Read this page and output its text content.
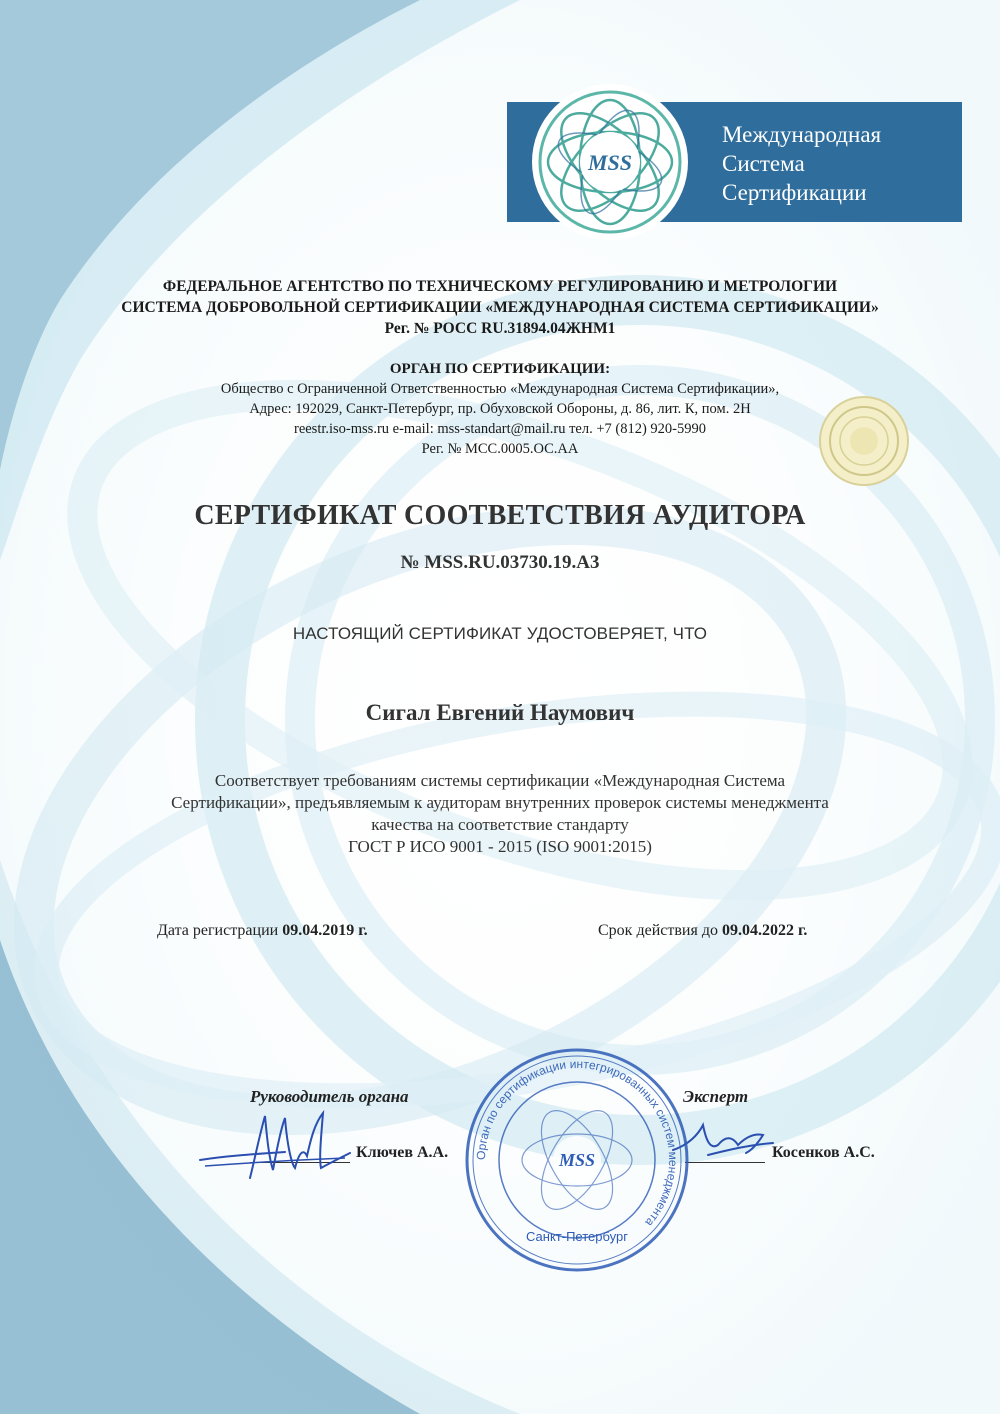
MSS
Международная
Система
Сертификации
ФЕДЕРАЛЬНОЕ АГЕНТСТВО ПО ТЕХНИЧЕСКОМУ РЕГУЛИРОВАНИЮ И МЕТРОЛОГИИ
СИСТЕМА ДОБРОВОЛЬНОЙ СЕРТИФИКАЦИИ «МЕЖДУНАРОДНАЯ СИСТЕМА СЕРТИФИКАЦИИ»
Рег. № РОСС RU.31894.04ЖНМ1
ОРГАН ПО СЕРТИФИКАЦИИ:
Общество с Ограниченной Ответственностью «Международная Система Сертификации»,
Адрес: 192029, Санкт-Петербург, пр. Обуховской Обороны, д. 86, лит. К, пом. 2Н
reestr.iso-mss.ru e-mail: mss-standart@mail.ru тел. +7 (812) 920-5990
Рег. № МСС.0005.ОС.АА
СЕРТИФИКАТ СООТВЕТСТВИЯ АУДИТОРА
№ MSS.RU.03730.19.А3
НАСТОЯЩИЙ СЕРТИФИКАТ УДОСТОВЕРЯЕТ, ЧТО
Сигал Евгений Наумович
Соответствует требованиям системы сертификации «Международная Система
Сертификации», предъявляемым к аудиторам внутренних проверок системы менеджмента
качества на соответствие стандарту
ГОСТ Р ИСО 9001 - 2015 (ISO 9001:2015)
Дата регистрации 09.04.2019 г.	Срок действия до 09.04.2022 г.
Руководитель органа	Эксперт
Ключев А.А.	Косенков А.С.
Орган по сертификации интегрированных систем менеджмента
MSS
Санкт-Петербург
